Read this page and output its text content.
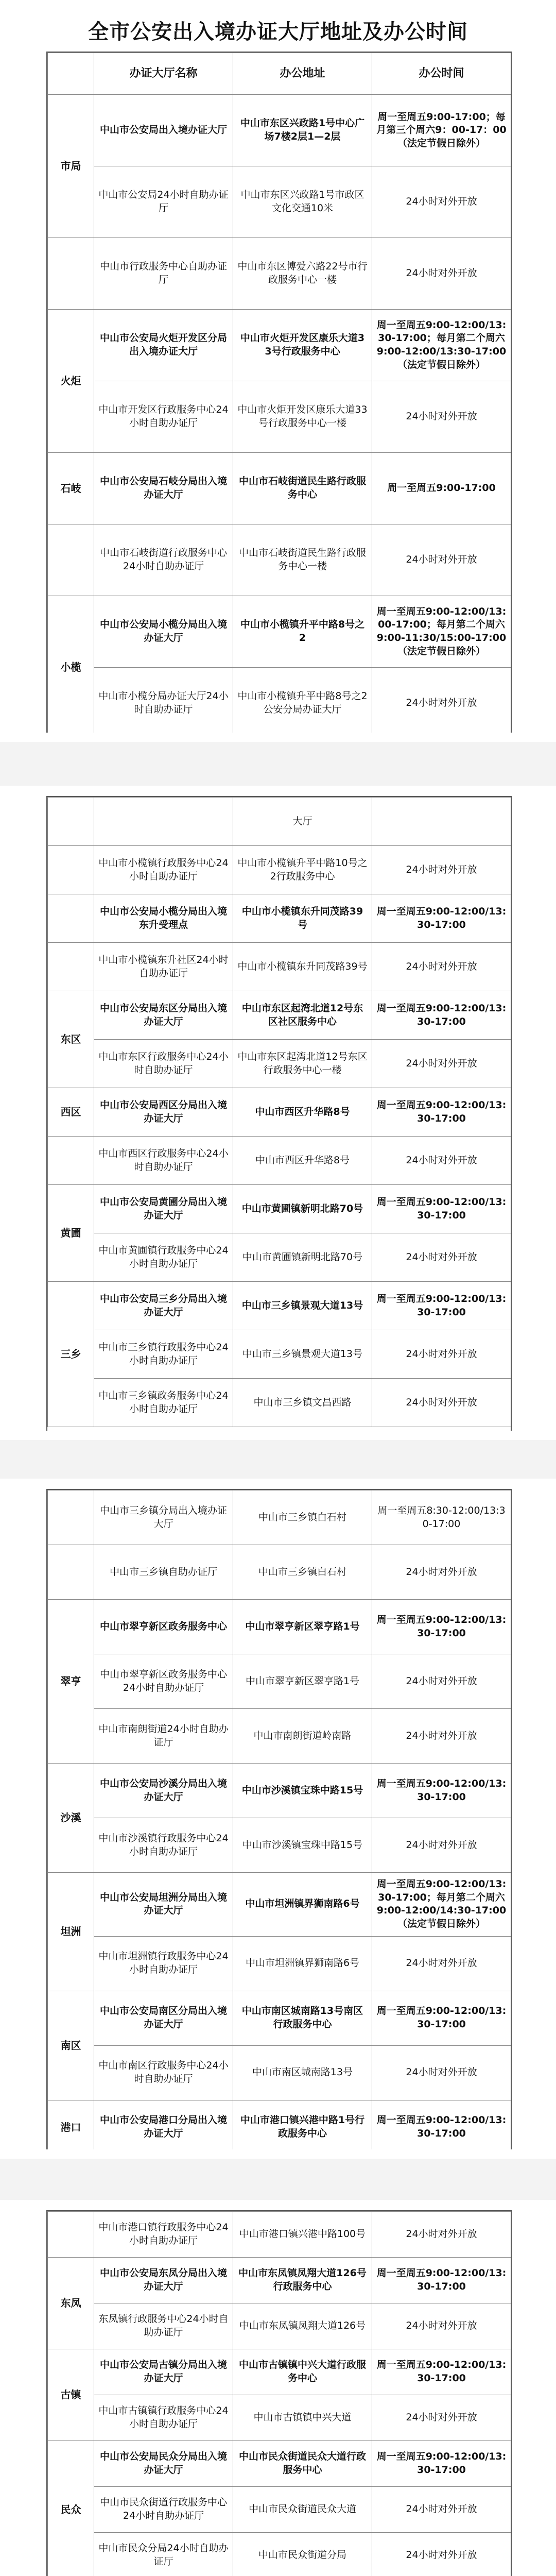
全市公安出入境办证大厅地址及办公时间
	办证大厅名称	办公地址	办公时间
市局	中山市公安局出入境办证大厅	中山市东区兴政路1号中心广场7楼2层1—2层	周一至周五9:00-17:00；每月第三个周六9：00-17：00（法定节假日除外）
	中山市公安局24小时自助办证厅	中山市东区兴政路1号市政区文化交通10米	24小时对外开放
	中山市行政服务中心自助办证厅	中山市东区博爱六路22号市行政服务中心一楼	24小时对外开放
火炬	中山市公安局火炬开发区分局出入境办证大厅	中山市火炬开发区康乐大道33号行政服务中心	周一至周五9:00-12:00/13:30-17:00；每月第二个周六9:00-12:00/13:30-17:00（法定节假日除外）
	中山市开发区行政服务中心24小时自助办证厅	中山市火炬开发区康乐大道33号行政服务中心一楼	24小时对外开放
石岐	中山市公安局石岐分局出入境办证大厅	中山市石岐街道民生路行政服务中心	周一至周五9:00-17:00
	中山市石岐街道行政服务中心24小时自助办证厅	中山市石岐街道民生路行政服务中心一楼	24小时对外开放
小榄	中山市公安局小榄分局出入境办证大厅	中山市小榄镇升平中路8号之2	周一至周五9:00-12:00/13:00-17:00；每月第二个周六9:00-11:30/15:00-17:00（法定节假日除外）
	中山市小榄分局办证大厅24小时自助办证厅	中山市小榄镇升平中路8号之2公安分局办证大厅	24小时对外开放
		大厅	
	中山市小榄镇行政服务中心24小时自助办证厅	中山市小榄镇升平中路10号之2行政服务中心	24小时对外开放
	中山市公安局小榄分局出入境东升受理点	中山市小榄镇东升同茂路39号	周一至周五9:00-12:00/13:30-17:00
	中山市小榄镇东升社区24小时自助办证厅	中山市小榄镇东升同茂路39号	24小时对外开放
东区	中山市公安局东区分局出入境办证大厅	中山市东区起湾北道12号东区社区服务中心	周一至周五9:00-12:00/13:30-17:00
	中山市东区行政服务中心24小时自助办证厅	中山市东区起湾北道12号东区行政服务中心一楼	24小时对外开放
西区	中山市公安局西区分局出入境办证大厅	中山市西区升华路8号	周一至周五9:00-12:00/13:30-17:00
	中山市西区行政服务中心24小时自助办证厅	中山市西区升华路8号	24小时对外开放
黄圃	中山市公安局黄圃分局出入境办证大厅	中山市黄圃镇新明北路70号	周一至周五9:00-12:00/13:30-17:00
	中山市黄圃镇行政服务中心24小时自助办证厅	中山市黄圃镇新明北路70号	24小时对外开放
三乡	中山市公安局三乡分局出入境办证大厅	中山市三乡镇景观大道13号	周一至周五9:00-12:00/13:30-17:00
	中山市三乡镇行政服务中心24小时自助办证厅	中山市三乡镇景观大道13号	24小时对外开放
	中山市三乡镇政务服务中心24小时自助办证厅	中山市三乡镇文昌西路	24小时对外开放
	中山市三乡镇分局出入境办证大厅	中山市三乡镇白石村	周一至周五8:30-12:00/13:30-17:00
	中山市三乡镇自助办证厅	中山市三乡镇白石村	24小时对外开放
翠亨	中山市翠亨新区政务服务中心	中山市翠亨新区翠亨路1号	周一至周五9:00-12:00/13:30-17:00
	中山市翠亨新区政务服务中心24小时自助办证厅	中山市翠亨新区翠亨路1号	24小时对外开放
	中山市南朗街道24小时自助办证厅	中山市南朗街道岭南路	24小时对外开放
沙溪	中山市公安局沙溪分局出入境办证大厅	中山市沙溪镇宝珠中路15号	周一至周五9:00-12:00/13:30-17:00
	中山市沙溪镇行政服务中心24小时自助办证厅	中山市沙溪镇宝珠中路15号	24小时对外开放
坦洲	中山市公安局坦洲分局出入境办证大厅	中山市坦洲镇界狮南路6号	周一至周五9:00-12:00/13:30-17:00；每月第二个周六9:00-12:00/14:30-17:00（法定节假日除外）
	中山市坦洲镇行政服务中心24小时自助办证厅	中山市坦洲镇界狮南路6号	24小时对外开放
南区	中山市公安局南区分局出入境办证大厅	中山市南区城南路13号南区行政服务中心	周一至周五9:00-12:00/13:30-17:00
	中山市南区行政服务中心24小时自助办证厅	中山市南区城南路13号	24小时对外开放
港口	中山市公安局港口分局出入境办证大厅	中山市港口镇兴港中路1号行政服务中心	周一至周五9:00-12:00/13:30-17:00
	中山市港口镇行政服务中心24小时自助办证厅	中山市港口镇兴港中路100号	24小时对外开放
东凤	中山市公安局东凤分局出入境办证大厅	中山市东凤镇凤翔大道126号行政服务中心	周一至周五9:00-12:00/13:30-17:00
	东凤镇行政服务中心24小时自助办证厅	中山市东凤镇凤翔大道126号	24小时对外开放
古镇	中山市公安局古镇分局出入境办证大厅	中山市古镇镇中兴大道行政服务中心	周一至周五9:00-12:00/13:30-17:00
	中山市古镇镇行政服务中心24小时自助办证厅	中山市古镇镇中兴大道	24小时对外开放
民众	中山市公安局民众分局出入境办证大厅	中山市民众街道民众大道行政服务中心	周一至周五9:00-12:00/13:30-17:00
	中山市民众街道行政服务中心24小时自助办证厅	中山市民众街道民众大道	24小时对外开放
	中山市民众分局24小时自助办证厅	中山市民众街道分局	24小时对外开放
